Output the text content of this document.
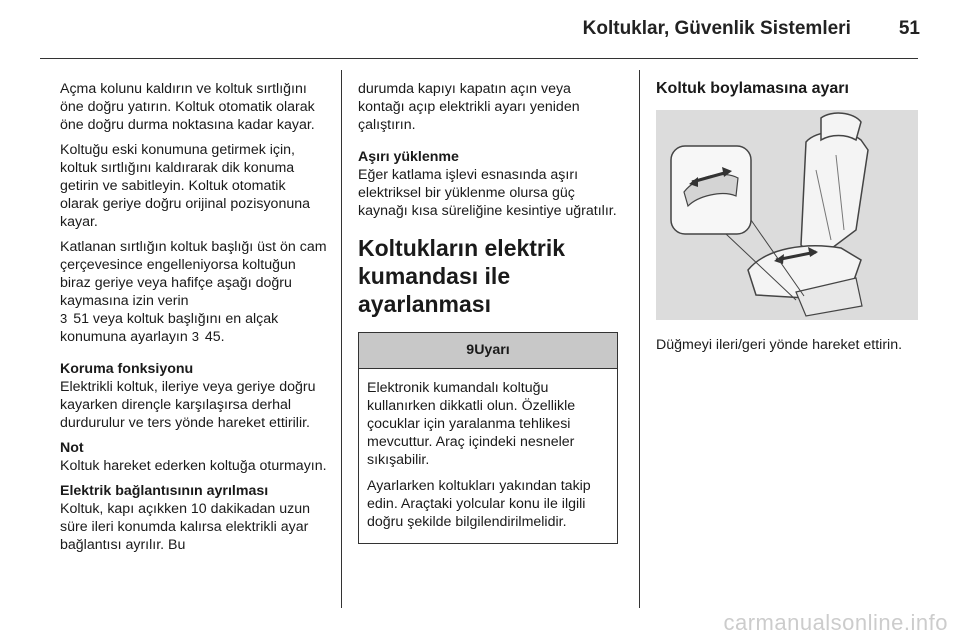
Koltuklar, Güvenlik Sistemleri	51

Açma kolunu kaldırın ve koltuk sırtlığını öne doğru yatırın. Koltuk otomatik olarak öne doğru durma noktasına kadar kayar.

Koltuğu eski konumuna getirmek için, koltuk sırtlığını kaldırarak dik konuma getirin ve sabitleyin. Koltuk otomatik olarak geriye doğru orijinal pozisyonuna kayar.

Katlanan sırtlığın koltuk başlığı üst ön cam çerçevesince engelleniyorsa koltuğun biraz geriye veya hafifçe aşağı doğru kaymasına izin verin
3 51 veya koltuk başlığını en alçak konumuna ayarlayın 3 45.

Koruma fonksiyonu
Elektrikli koltuk, ileriye veya geriye doğru kayarken dirençle karşılaşırsa derhal durdurulur ve ters yönde hareket ettirilir.

Not
Koltuk hareket ederken koltuğa oturmayın.

Elektrik bağlantısının ayrılması
Koltuk, kapı açıkken 10 dakikadan uzun süre ileri konumda kalırsa elektrikli ayar bağlantısı ayrılır. Bu

durumda kapıyı kapatın açın veya kontağı açıp elektrikli ayarı yeniden çalıştırın.

Aşırı yüklenme
Eğer katlama işlevi esnasında aşırı elektriksel bir yüklenme olursa güç kaynağı kısa süreliğine kesintiye uğratılır.

Koltukların elektrik kumandası ile ayarlanması
9Uyarı

Elektronik kumandalı koltuğu kullanırken dikkatli olun. Özellikle çocuklar için yaralanma tehlikesi mevcuttur. Araç içindeki nesneler sıkışabilir.

Ayarlarken koltukları yakından takip edin. Araçtaki yolcular konu ile ilgili doğru şekilde bilgilendirilmelidir.

Koltuk boylamasına ayarı

Düğmeyi ileri/geri yönde hareket ettirin.

carmanualsonline.info
